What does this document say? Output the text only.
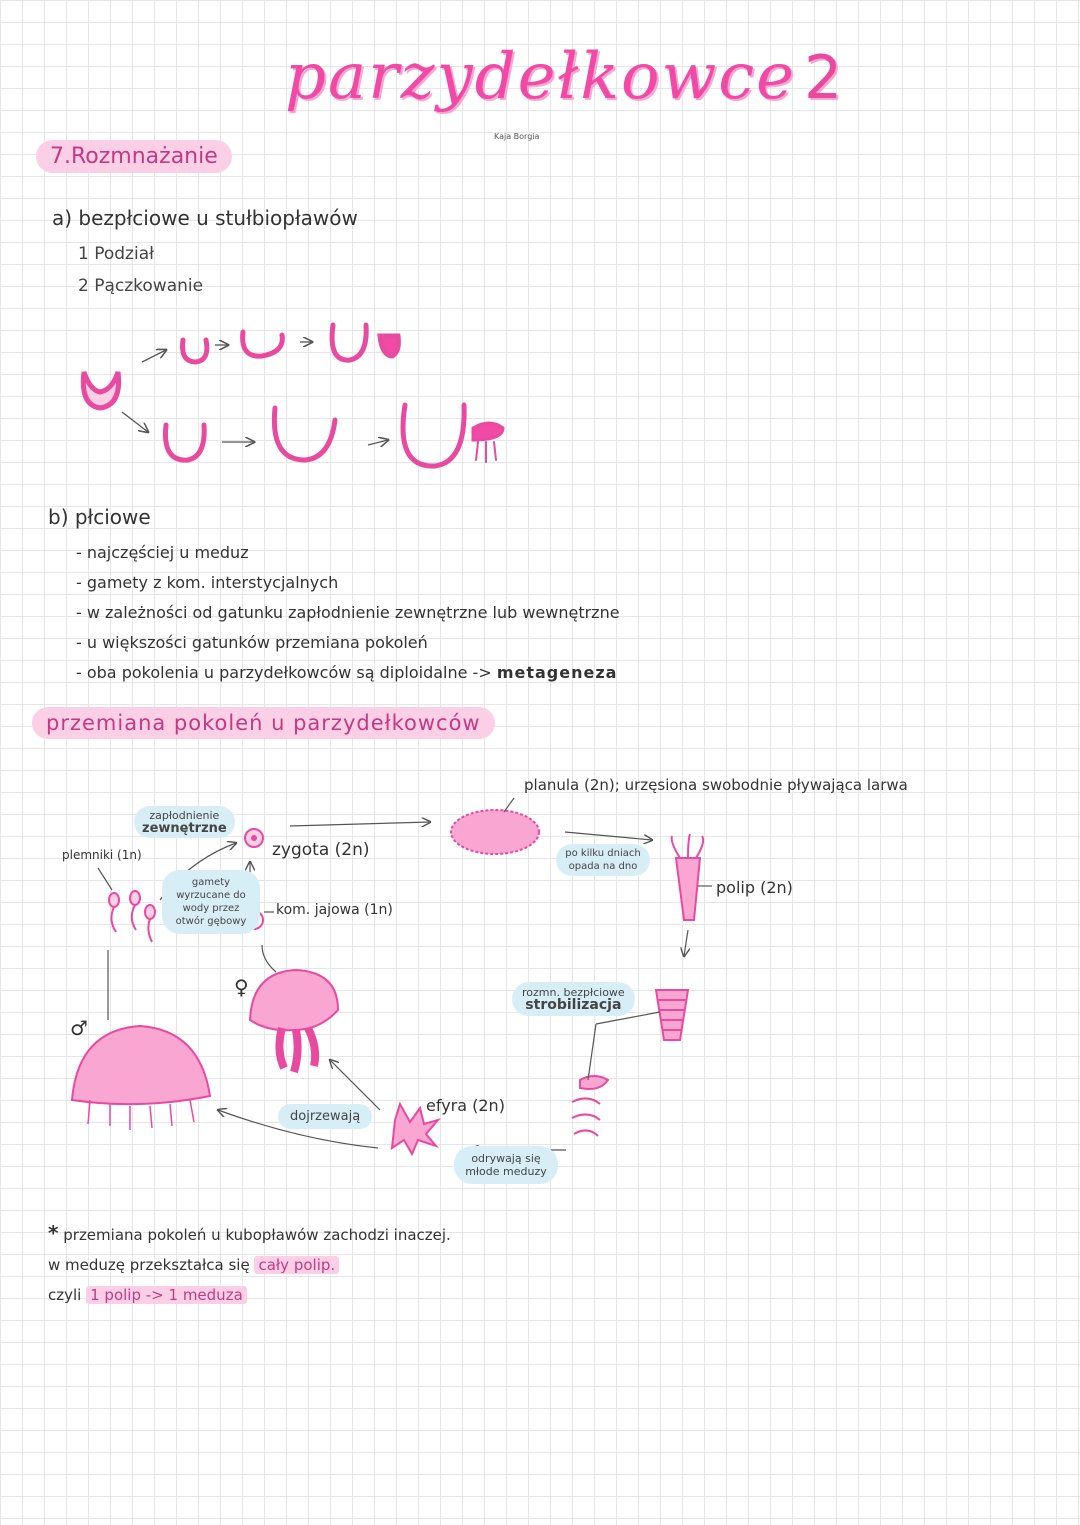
parzydełkowce 2
Kaja Borgia
7.Rozmnażanie
a) bezpłciowe u stułbiopławów
1 Podział
2 Pączkowanie
b) płciowe
- najczęściej u meduz
- gamety z kom. interstycjalnych
- w zależności od gatunku zapłodnienie zewnętrzne lub wewnętrzne
- u większości gatunków przemiana pokoleń
- oba pokolenia u parzydełkowców są diploidalne -> metageneza
przemiana pokoleń u parzydełkowców
zapłodnienie
zewnętrzne
plemniki (1n)
gamety wyrzucane do wody przez otwór gębowy
zygota (2n)
kom. jajowa (1n)
♀
♂
planula (2n); urzęsiona swobodnie pływająca larwa
po kilku dniach opada na dno
polip (2n)
rozmn. bezpłciowe
strobilizacja
efyra (2n)
odrywają się młode meduzy
dojrzewają
* przemiana pokoleń u kubopławów zachodzi inaczej.
w meduzę przekształca się cały polip.
czyli 1 polip -> 1 meduza
